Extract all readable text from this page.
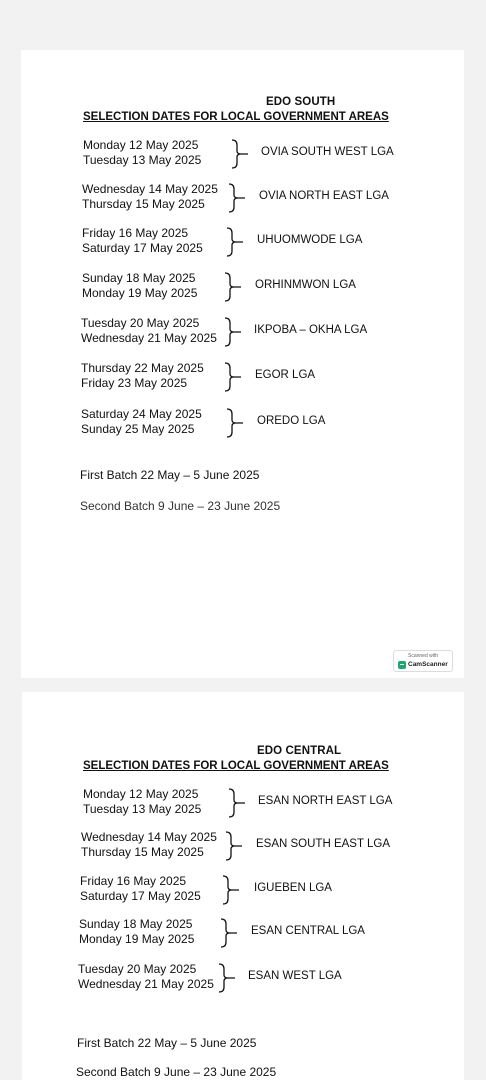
EDO SOUTH
SELECTION DATES FOR LOCAL GOVERNMENT AREAS
Monday 12 May 2025
Tuesday 13 May 2025
OVIA SOUTH WEST LGA
Wednesday 14 May 2025
Thursday 15 May 2025
OVIA NORTH EAST LGA
Friday 16 May 2025
Saturday 17 May 2025
UHUOMWODE LGA
Sunday 18 May 2025
Monday 19 May 2025
ORHINMWON LGA
Tuesday 20 May 2025
Wednesday 21 May 2025
IKPOBA – OKHA LGA
Thursday 22 May 2025
Friday 23 May 2025
EGOR LGA
Saturday 24 May 2025
Sunday 25 May 2025
OREDO LGA
First Batch 22 May – 5 June 2025
Second Batch 9 June – 23 June 2025
Scanned with
CamScanner
EDO CENTRAL
SELECTION DATES FOR LOCAL GOVERNMENT AREAS
Monday 12 May 2025
Tuesday 13 May 2025
ESAN NORTH EAST LGA
Wednesday 14 May 2025
Thursday 15 May 2025
ESAN SOUTH EAST LGA
Friday 16 May 2025
Saturday 17 May 2025
IGUEBEN LGA
Sunday 18 May 2025
Monday 19 May 2025
ESAN CENTRAL LGA
Tuesday 20 May 2025
Wednesday 21 May 2025
ESAN WEST LGA
First Batch 22 May – 5 June 2025
Second Batch 9 June – 23 June 2025
